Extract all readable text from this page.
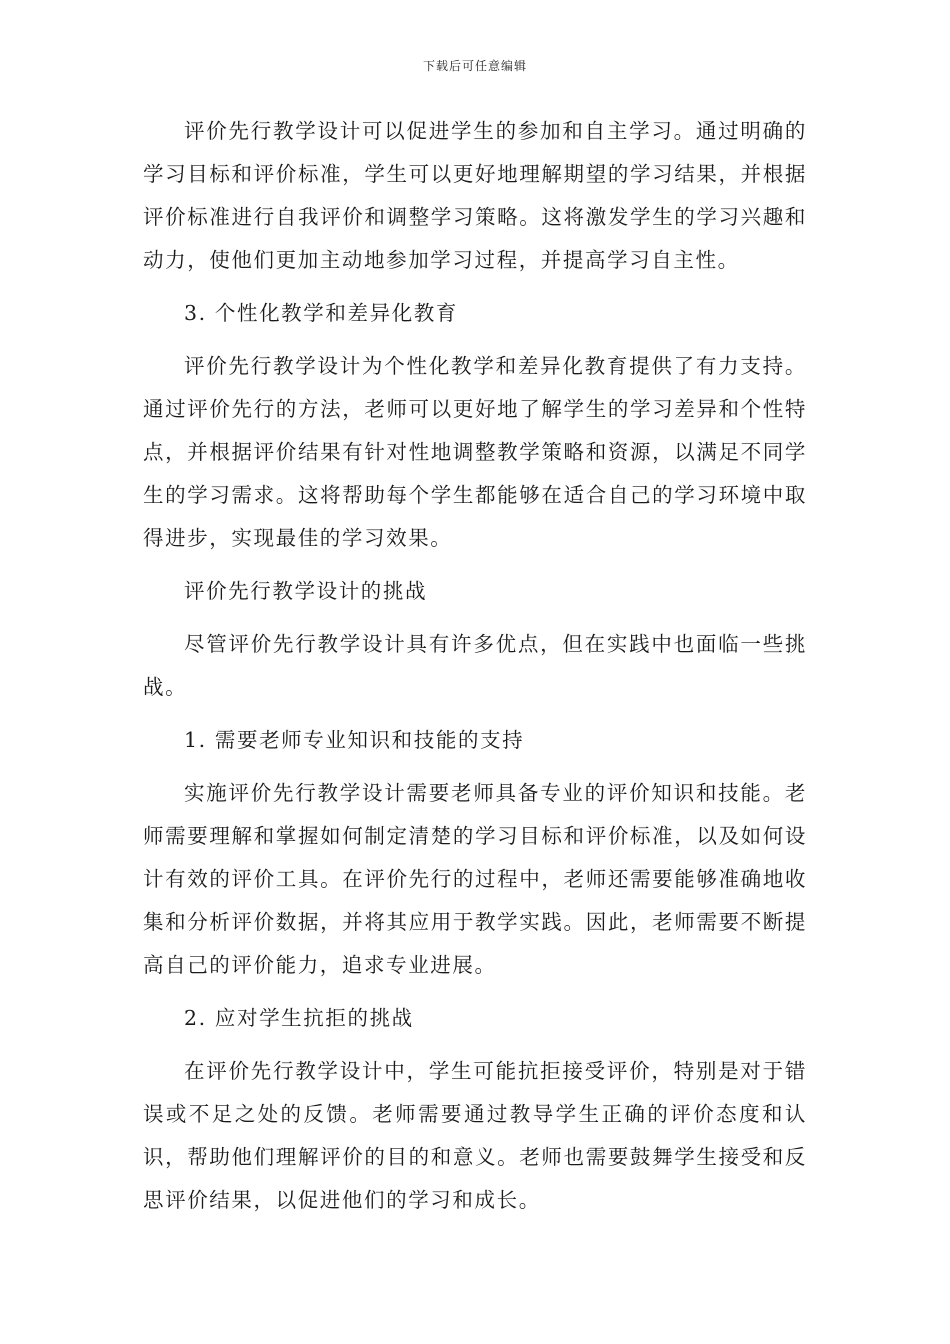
下载后可任意编辑

评价先行教学设计可以促进学生的参加和自主学习。通过明确的学习目标和评价标准，学生可以更好地理解期望的学习结果，并根据评价标准进行自我评价和调整学习策略。这将激发学生的学习兴趣和动力，使他们更加主动地参加学习过程，并提高学习自主性。

3. 个性化教学和差异化教育

评价先行教学设计为个性化教学和差异化教育提供了有力支持。通过评价先行的方法，老师可以更好地了解学生的学习差异和个性特点，并根据评价结果有针对性地调整教学策略和资源，以满足不同学生的学习需求。这将帮助每个学生都能够在适合自己的学习环境中取得进步，实现最佳的学习效果。

评价先行教学设计的挑战

尽管评价先行教学设计具有许多优点，但在实践中也面临一些挑战。

1. 需要老师专业知识和技能的支持

实施评价先行教学设计需要老师具备专业的评价知识和技能。老师需要理解和掌握如何制定清楚的学习目标和评价标准，以及如何设计有效的评价工具。在评价先行的过程中，老师还需要能够准确地收集和分析评价数据，并将其应用于教学实践。因此，老师需要不断提高自己的评价能力，追求专业进展。

2. 应对学生抗拒的挑战

在评价先行教学设计中，学生可能抗拒接受评价，特别是对于错误或不足之处的反馈。老师需要通过教导学生正确的评价态度和认识，帮助他们理解评价的目的和意义。老师也需要鼓舞学生接受和反思评价结果，以促进他们的学习和成长。
